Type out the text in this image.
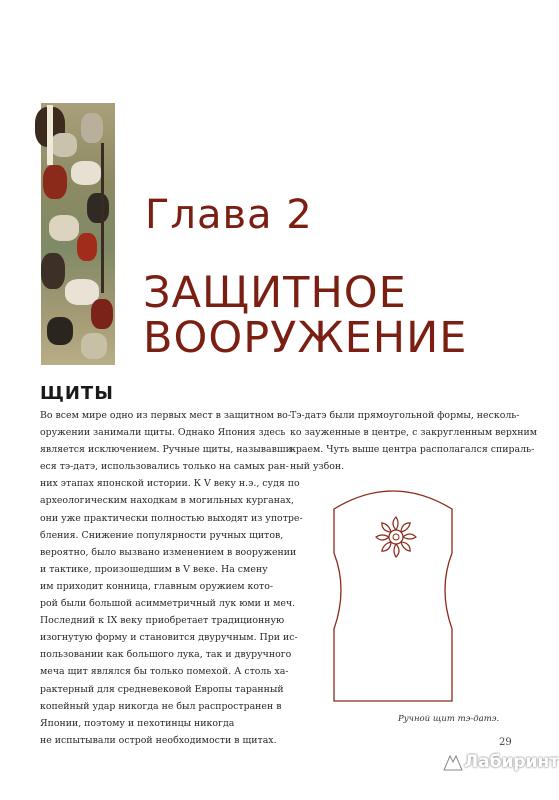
Глава 2
ЗАЩИТНОЕ
ВООРУЖЕНИЕ
ЩИТЫ
Во всем мире одно из первых мест в защитном во-
оружении занимали щиты. Однако Япония здесь
является исключением. Ручные щиты, называвши-
еся тэ-датэ, использовались только на самых ран-
них этапах японской истории. К V веку н.э., судя по
археологическим находкам в могильных курганах,
они уже практически полностью выходят из употре-
бления. Снижение популярности ручных щитов,
вероятно, было вызвано изменением в вооружении
и тактике, произошедшим в V веке. На смену
им приходит конница, главным оружием кото-
рой были большой асимметричный лук юми и меч.
Последний к IX веку приобретает традиционную
изогнутую форму и становится двуручным. При ис-
пользовании как большого лука, так и двуручного
меча щит являлся бы только помехой. А столь ха-
рактерный для средневековой Европы таранный
копейный удар никогда не был распространен в
Японии, поэтому и пехотинцы никогда
не испытывали острой необходимости в щитах.
Тэ-датэ были прямоугольной формы, несколь-
ко зауженные в центре, с закругленным верхним
краем. Чуть выше центра располагался спираль-
ный узбон.
Ручной щит тэ-датэ.
29
Лабиринт
